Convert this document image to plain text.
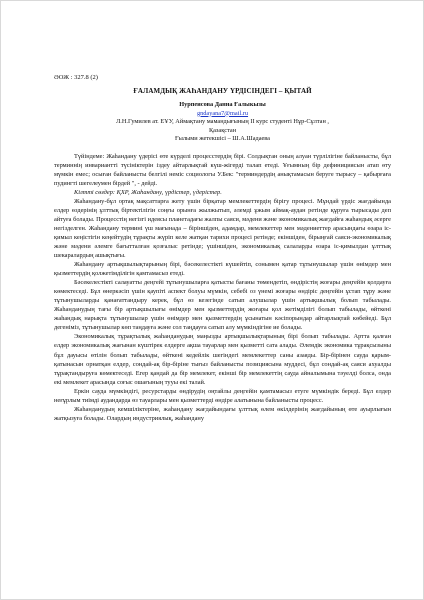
ӘОЖ : 327.8 (2)

ҒАЛАМДЫҚ ЖАҺАНДАНУ ҮРДІСІНДЕГІ – ҚЫТАЙ

Нурпеисова Данна Ғалыкызы

gndayana7@mail.ru

Л.Н.Гумилев ат. ЕҰУ, Аймақтану мамандығының ІІ курс студенті Нұр-Сұлтан ,

Қазақстан

Ғылыми жетекшісі – Ш.А.Шадаева

Түйіндеме: Жаһандану үдерісі өте күрделі процесстердің бірі. Солдықтан оның алуан түрлілігіне байланысты, бұл терминнің инвариантті түсініктерін іздеу айтарлықтай күш-жігерді талап етеді. Ұғымның бір дефинициясын атап өту мүмкін емес; осыған байланысты белгілі неміс социологы У.Бек: "терминдердің анықтамасын беруге тырысу – қабырғаға пудингті шегелеумен бірдей ", - дейді.

Кілтті сөздер: ҚХР, Жаһандану, үрдістер, үдерістер.

Жаһандану-бұл ортақ мақсаттарға жету үшін бірқатар мемлекеттердің бірігу процесі. Мұндай үрдіс жағдайында елдер өздерінің ұлттық біртектілігін соңғы орынға жылжытып, әлемді ұжым аймақ-аудан ретінде құруға тырысады деп айтуға болады. Процесстің негізгі идеясы планетадағы жалпы саяси, мәдени және экономикалық жағдайға жаһандық әсерге негізделген. Жаһандану термині үш мағынада – біріншіден, адамдар, мемлекеттер мен мәдениеттер арасындағы өзара іс-қимыл кеңістігін кеңейтудің тұрақты жүріп келе жатқан тарихи процесі ретінде; екіншіден, бірыңғай саяси-экономикалық және мәдени әлемге бағытталған қозғалыс ретінде; үшіншіден, экономикалық салаларды өзара іс-қимылдан ұлттық шекаралардың ашықтығы.

Жаһандану артықшылықтарының бірі, бәсекелестікті күшейтіп, сонымен қатар тұтынушылар үшін өнімдер мен қызметтердің қолжетімділігін қамтамасыз етеді.

Бәсекелестікті салауатты деңгейі тұтынушыларға қатысты бағаны төмендетіп, өндірістің жоғары деңгейін қолдауға көмектеседі. Бұл өнеркәсіп үшін қаупіті аспект болуы мүмкін, себебі оз үнемі жоғары өндіріс деңгейін ұстап тұру және тұтынушыларды қанағаттандыру керек, бұл өз кезегінде сатып алушылар үшін артықшылық болып табылады. Жаһанданудың тағы бір артықшылығы өнімдер мен қызметтердің жоғары қол жетімділігі болып табылады, өйткені жаһандық нарықта тұтынушылар үшін өнімдер мен қызметтердің ұсынатын кәсіпорындар айтарлықтай көбейеді. Бұл дегеніміз, тұтынушылар көп таңдауға және сол таңдауға сатып алу мүмкіндігіне ие болады.

Экономикалық тұрақтылық жаһанданудың маңызды артықшылықтарының бірі болып табылады. Артта қалған елдер экономикалық жағынан күштірек елдерге ақша тауарлар мен қызметті сата алады. Әлемдік экономика тұрақсызыны бұл дауысы өтілін болып табылады, өйткені кедейлік шегіндегі мемлекеттер саны азаяды. Бір-бірінен сауда қарым-қатынасын орнатқан елдер, сондай-ақ бір-біріне тығыз байланысты позициясына муддесі, бұл сондай-ақ саяси ахуалды тұрақтандыруға көмектеседі. Егер қандай да бір мемлекет, екінші бір мемлекеттің сауда айналымына тәуелді болса, онда екі мемлекет арасында соғыс ошағының тууы екі талай.

Еркін сауда мүмкіндігі, ресурстарды өндірудің оңтайлы деңгейін қамтамасыз етуге мүмкіндік береді. Бұл елдер неғұрлым тиімді аудандарда өз тауарлары мен қызметтерді өндіре алатынына байланысты процесс.

Жаһанданудың кемшіліктеріне, жаһандану жағдайындағы ұлттық өлем өкілдерінің жағдайының өте ауырлығын жатқызуға болады. Олардың индустриялық, жаһандану
